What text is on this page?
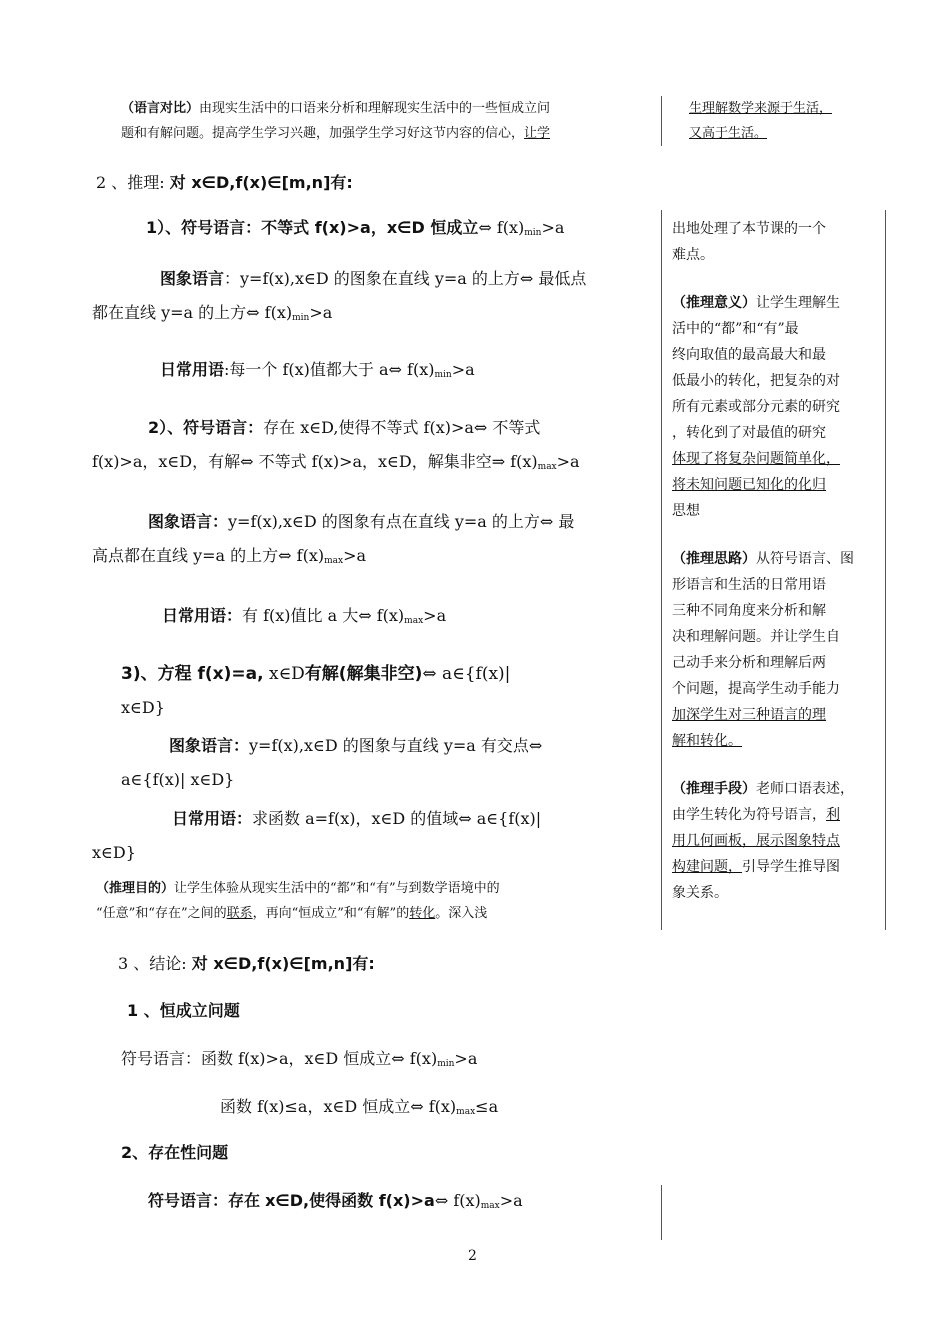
（语言对比）由现实生活中的口语来分析和理解现实生活中的一些恒成立问
题和有解问题。提高学生学习兴趣，加强学生学习好这节内容的信心，让学
生理解数学来源于生活，
又高于生活。
2 、推理: 对 x∈D,f(x)∈[m,n]有:
1）、符号语言：不等式 f(x)>a，x∈D 恒成立⇔ $f(x)_{min}>a$
图象语言：y=f(x),x∈D 的图象在直线 y=a 的上方⇔ 最低点
都在直线 y=a 的上方⇔ $f(x)_{min}>a$
日常用语:每一个 f(x)值都大于 a⇔ $f(x)_{min}>a$
2）、符号语言：存在 x∈D,使得不等式 f(x)>a⇔ 不等式
f(x)>a，x∈D，有解⇔ 不等式 f(x)>a，x∈D，解集非空⇒ $f(x)_{max}>a$
图象语言：y=f(x),x∈D 的图象有点在直线 y=a 的上方⇔ 最
高点都在直线 y=a 的上方⇔ $f(x)_{max}>a$
日常用语：有 f(x)值比 a 大⇔ $f(x)_{max}>a$
3)、方程 f(x)=a, x∈D有解(解集非空)⇔ a∈{f(x)|
x∈D}
图象语言：y=f(x),x∈D 的图象与直线 y=a 有交点⇔
a∈{f(x)| x∈D}
日常用语：求函数 a=f(x)，x∈D 的值域⇔ a∈{f(x)|
x∈D}
（推理目的）让学生体验从现实生活中的“都”和“有”与到数学语境中的
“任意”和“存在”之间的联系，再向“恒成立”和“有解”的转化。深入浅
出地处理了本节课的一个
难点。
（推理意义）让学生理解生
活中的“都”和“有”最
终向取值的最高最大和最
低最小的转化，把复杂的对
所有元素或部分元素的研究
，转化到了对最值的研究
体现了将复杂问题简单化，
将未知问题已知化的化归
思想
（推理思路）从符号语言、图
形语言和生活的日常用语
三种不同角度来分析和解
决和理解问题。并让学生自
己动手来分析和理解后两
个问题，提高学生动手能力
加深学生对三种语言的理
解和转化。
（推理手段）老师口语表述，
由学生转化为符号语言，利
用几何画板，展示图象特点
构建问题，引导学生推导图
象关系。
3 、结论: 对 x∈D,f(x)∈[m,n]有:
1 、恒成立问题
符号语言：函数 f(x)>a，x∈D 恒成立⇔ $f(x)_{min}>a$
函数 f(x)≤a，x∈D 恒成立⇔ $f(x)_{max}\le a$
2、存在性问题
符号语言：存在 x∈D,使得函数 f(x)>a⇔ $f(x)_{max}>a$
2
